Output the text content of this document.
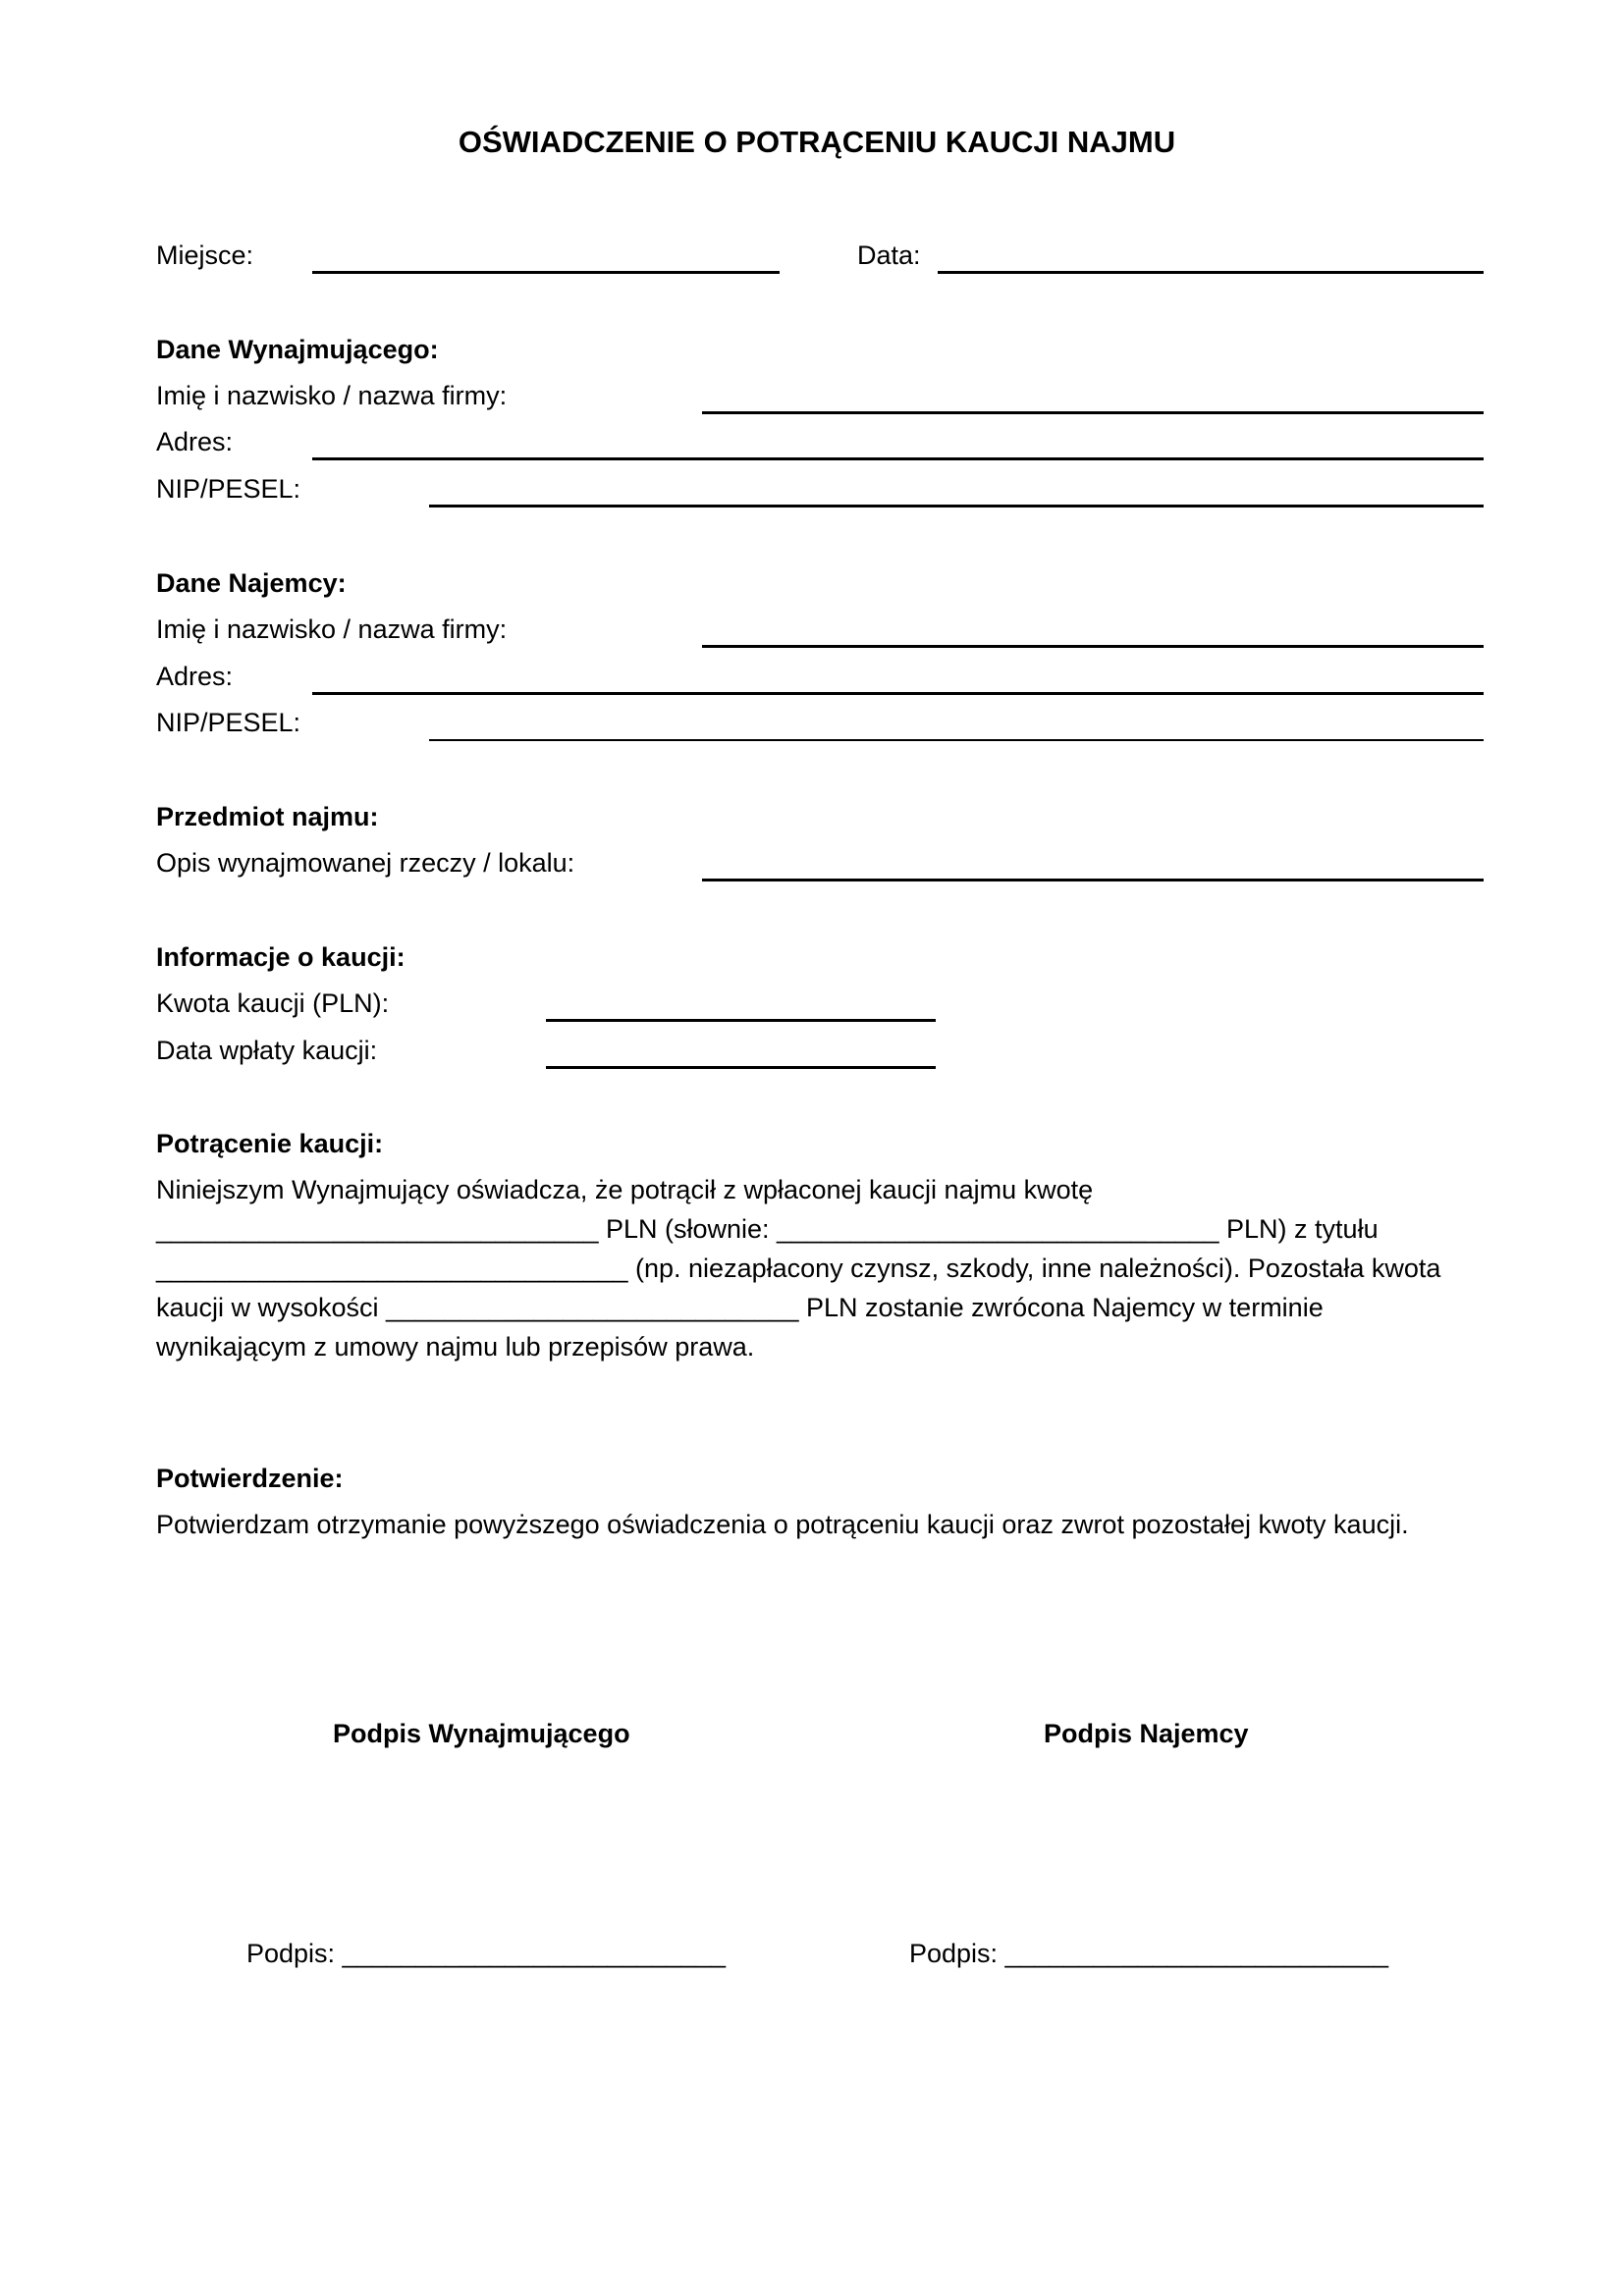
OŚWIADCZENIE O POTRĄCENIU KAUCJI NAJMU
Miejsce:	Data:
Dane Wynajmującego:
Imię i nazwisko / nazwa firmy:
Adres:
NIP/PESEL:
Dane Najemcy:
Imię i nazwisko / nazwa firmy:
Adres:
NIP/PESEL:
Przedmiot najmu:
Opis wynajmowanej rzeczy / lokalu:
Informacje o kaucji:
Kwota kaucji (PLN):
Data wpłaty kaucji:
Potrącenie kaucji:
Niniejszym Wynajmujący oświadcza, że potrącił z wpłaconej kaucji najmu kwotę
______________________________ PLN (słownie: ______________________________ PLN) z tytułu
________________________________ (np. niezapłacony czynsz, szkody, inne należności). Pozostała kwota
kaucji w wysokości ____________________________ PLN zostanie zwrócona Najemcy w terminie
wynikającym z umowy najmu lub przepisów prawa.
Potwierdzenie:
Potwierdzam otrzymanie powyższego oświadczenia o potrąceniu kaucji oraz zwrot pozostałej kwoty kaucji.
Podpis Wynajmującego	Podpis Najemcy
Podpis: __________________________	Podpis: __________________________
